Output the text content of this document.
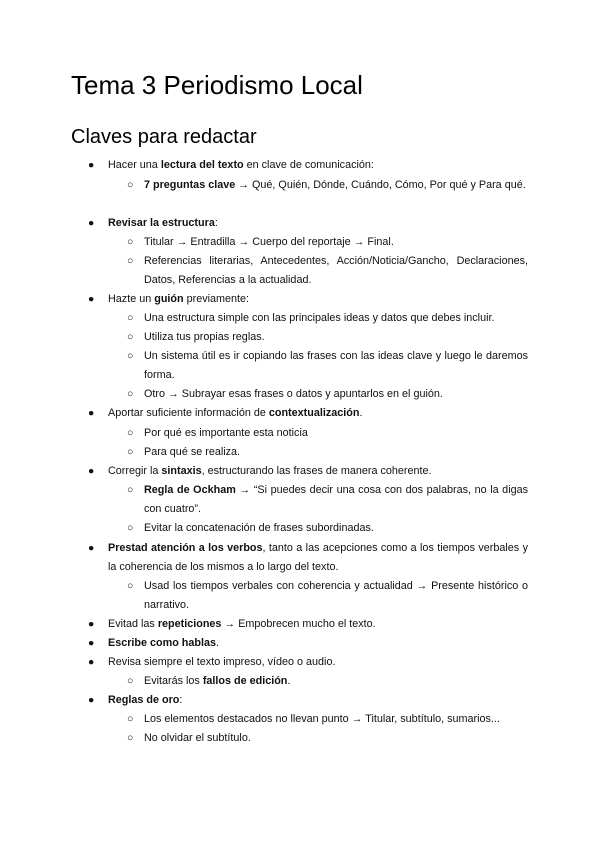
Tema 3 Periodismo Local
Claves para redactar
● Hacer una lectura del texto en clave de comunicación:
○ 7 preguntas clave → Qué, Quién, Dónde, Cuándo, Cómo, Por qué y Para qué.
● Revisar la estructura:
○ Titular → Entradilla → Cuerpo del reportaje → Final.
○ Referencias literarias, Antecedentes, Acción/Noticia/Gancho, Declaraciones, Datos, Referencias a la actualidad.
● Hazte un guión previamente:
○ Una estructura simple con las principales ideas y datos que debes incluir.
○ Utiliza tus propias reglas.
○ Un sistema útil es ir copiando las frases con las ideas clave y luego le daremos forma.
○ Otro → Subrayar esas frases o datos y apuntarlos en el guión.
● Aportar suficiente información de contextualización.
○ Por qué es importante esta noticia
○ Para qué se realiza.
● Corregir la sintaxis, estructurando las frases de manera coherente.
○ Regla de Ockham → “Si puedes decir una cosa con dos palabras, no la digas con cuatro”.
○ Evitar la concatenación de frases subordinadas.
● Prestad atención a los verbos, tanto a las acepciones como a los tiempos verbales y la coherencia de los mismos a lo largo del texto.
○ Usad los tiempos verbales con coherencia y actualidad → Presente histórico o narrativo.
● Evitad las repeticiones → Empobrecen mucho el texto.
● Escribe como hablas.
● Revisa siempre el texto impreso, vídeo o audio.
○ Evitarás los fallos de edición.
● Reglas de oro:
○ Los elementos destacados no llevan punto → Titular, subtítulo, sumarios...
○ No olvidar el subtítulo.
